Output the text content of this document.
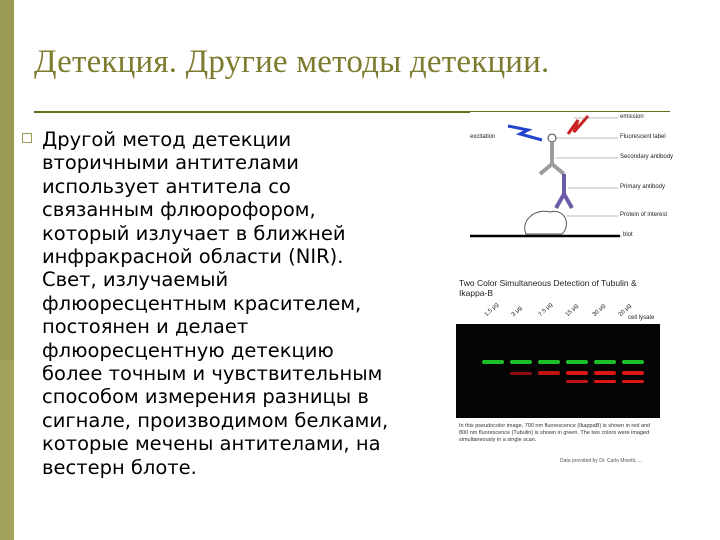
Детекция. Другие методы детекции.

Другой метод детекции вторичными антителами использует антитела со связанным флюорофором, который излучает в ближней инфракрасной области (NIR). Свет, излучаемый флюоресцентным красителем, постоянен и делает флюоресцентную детекцию более точным и чувствительным способом измерения разницы в сигнале, производимом белками, которые мечены антителами, на вестерн блоте.

excitation
emission
Fluorescent label
Secondary antibody
Primary antibody
Protein of interest
blot

Two Color Simultaneous Detection of Tubulin & Ikappa-B

1.5 μg 3 μg 7.5 μg 15 μg 30 μg 20 μg
cell lysate

In this pseudocolor image, 700 nm fluorescence (IkappaB) is shown in red and 800 nm fluorescence (Tubulin) is shown in green. The two colors were imaged simultaneously in a single scan.

Data provided by Dr. Carlo Minetti, ...
